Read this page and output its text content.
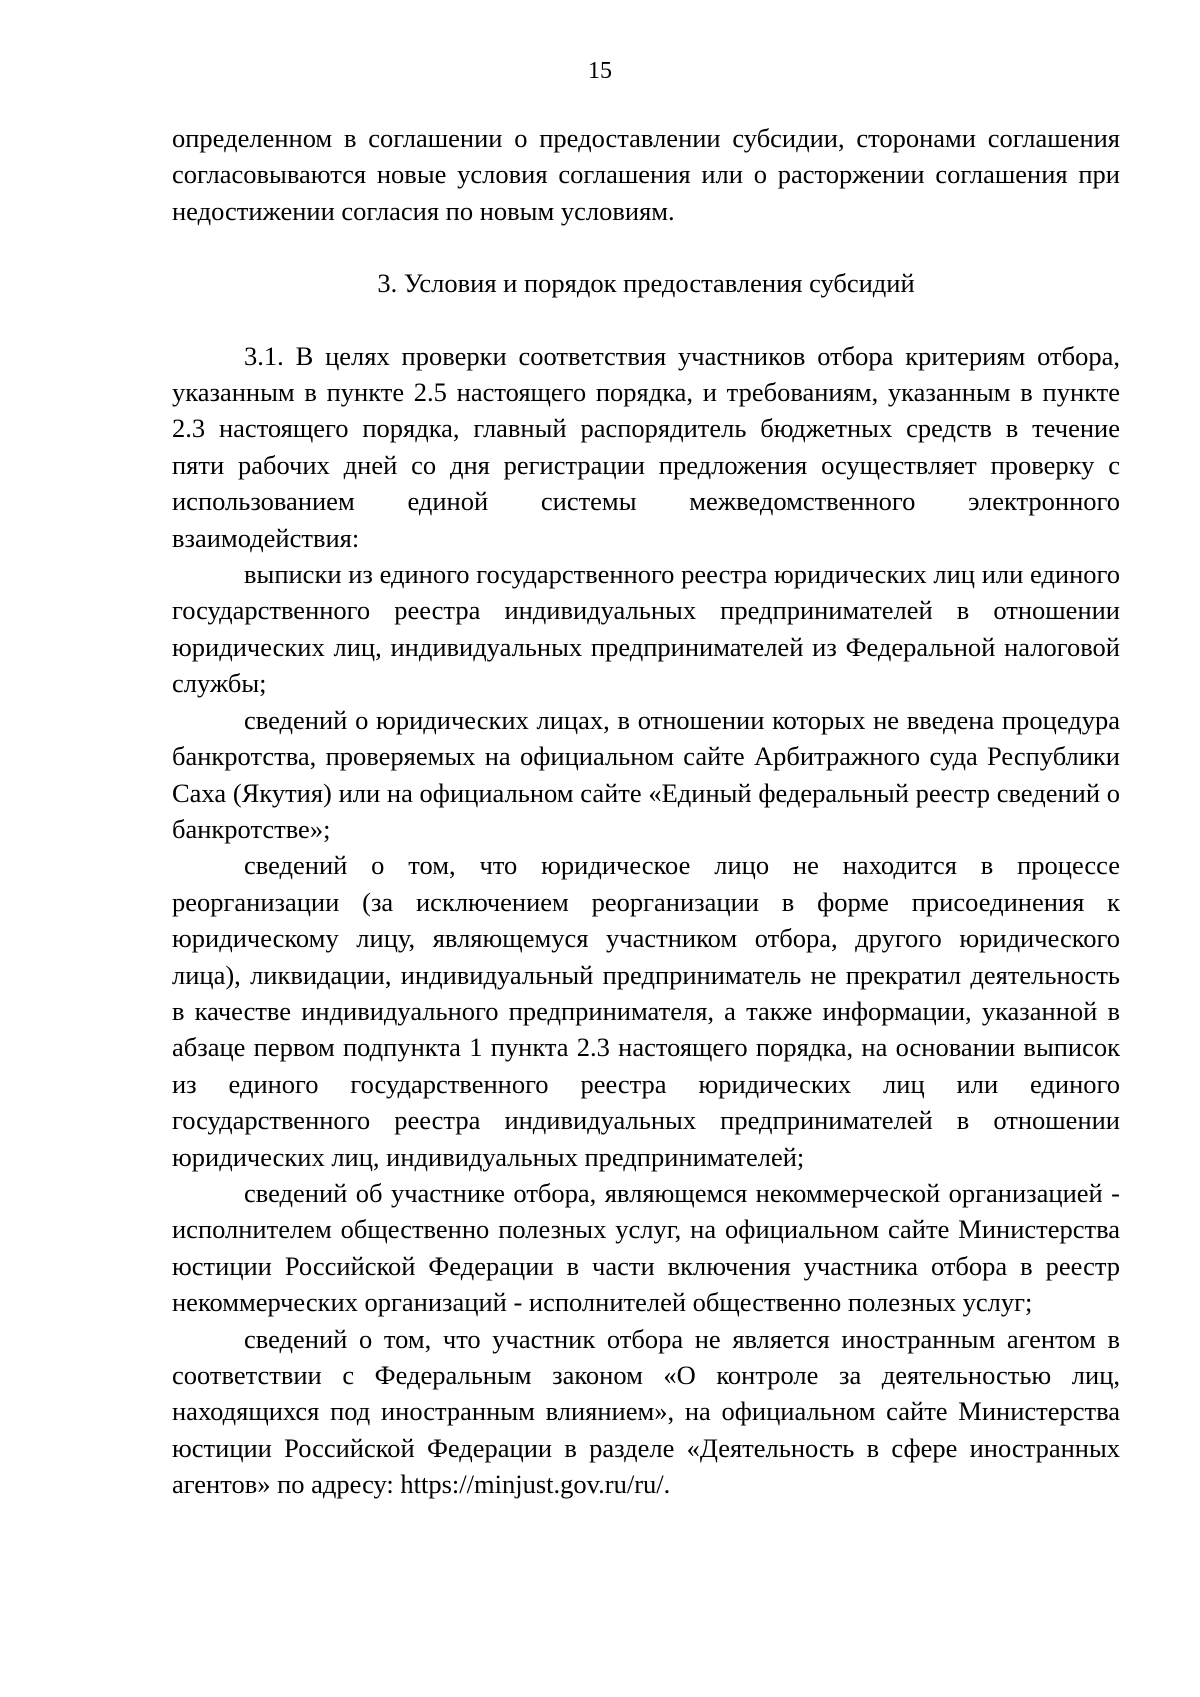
15

определенном в соглашении о предоставлении субсидии, сторонами соглашения согласовываются новые условия соглашения или о расторжении соглашения при недостижении согласия по новым условиям.

3. Условия и порядок предоставления субсидий

3.1. В целях проверки соответствия участников отбора критериям отбора, указанным в пункте 2.5 настоящего порядка, и требованиям, указанным в пункте 2.3 настоящего порядка, главный распорядитель бюджетных средств в течение пяти рабочих дней со дня регистрации предложения осуществляет проверку с использованием единой системы межведомственного электронного взаимодействия:

выписки из единого государственного реестра юридических лиц или единого государственного реестра индивидуальных предпринимателей в отношении юридических лиц, индивидуальных предпринимателей из Федеральной налоговой службы;

сведений о юридических лицах, в отношении которых не введена процедура банкротства, проверяемых на официальном сайте Арбитражного суда Республики Саха (Якутия) или на официальном сайте «Единый федеральный реестр сведений о банкротстве»;

сведений о том, что юридическое лицо не находится в процессе реорганизации (за исключением реорганизации в форме присоединения к юридическому лицу, являющемуся участником отбора, другого юридического лица), ликвидации, индивидуальный предприниматель не прекратил деятельность в качестве индивидуального предпринимателя, а также информации, указанной в абзаце первом подпункта 1 пункта 2.3 настоящего порядка, на основании выписок из единого государственного реестра юридических лиц или единого государственного реестра индивидуальных предпринимателей в отношении юридических лиц, индивидуальных предпринимателей;

сведений об участнике отбора, являющемся некоммерческой организацией - исполнителем общественно полезных услуг, на официальном сайте Министерства юстиции Российской Федерации в части включения участника отбора в реестр некоммерческих организаций - исполнителей общественно полезных услуг;

сведений о том, что участник отбора не является иностранным агентом в соответствии с Федеральным законом «О контроле за деятельностью лиц, находящихся под иностранным влиянием», на официальном сайте Министерства юстиции Российской Федерации в разделе «Деятельность в сфере иностранных агентов» по адресу: https://minjust.gov.ru/ru/.
